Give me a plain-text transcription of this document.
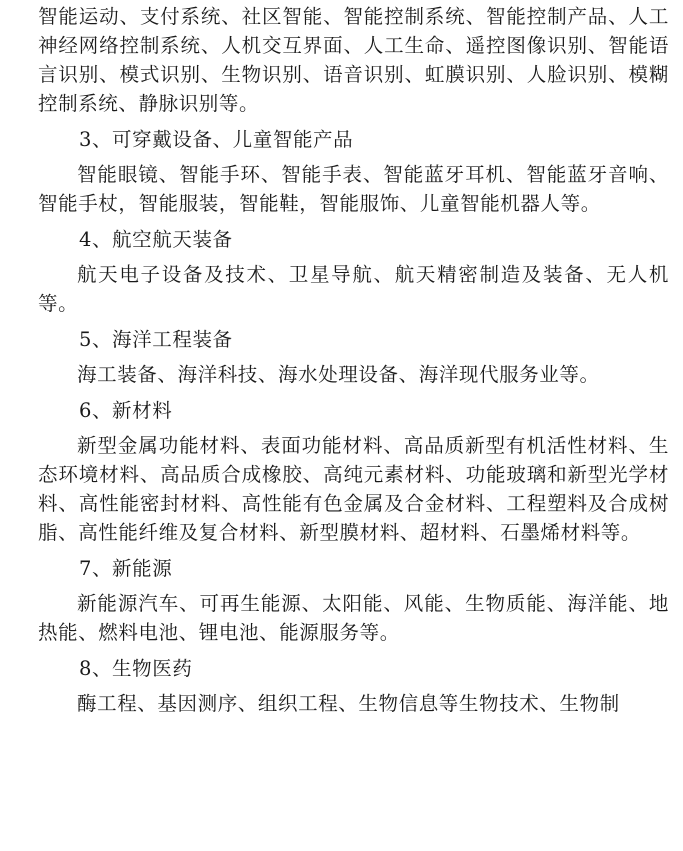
智能运动、支付系统、社区智能、智能控制系统、智能控制产品、人工神经网络控制系统、人机交互界面、人工生命、遥控图像识别、智能语言识别、模式识别、生物识别、语音识别、虹膜识别、人脸识别、模糊控制系统、静脉识别等。

3、可穿戴设备、儿童智能产品

智能眼镜、智能手环、智能手表、智能蓝牙耳机、智能蓝牙音响、智能手杖，智能服装，智能鞋，智能服饰、儿童智能机器人等。

4、航空航天装备

航天电子设备及技术、卫星导航、航天精密制造及装备、无人机等。

5、海洋工程装备

海工装备、海洋科技、海水处理设备、海洋现代服务业等。

6、新材料

新型金属功能材料、表面功能材料、高品质新型有机活性材料、生态环境材料、高品质合成橡胶、高纯元素材料、功能玻璃和新型光学材料、高性能密封材料、高性能有色金属及合金材料、工程塑料及合成树脂、高性能纤维及复合材料、新型膜材料、超材料、石墨烯材料等。

7、新能源

新能源汽车、可再生能源、太阳能、风能、生物质能、海洋能、地热能、燃料电池、锂电池、能源服务等。

8、生物医药

酶工程、基因测序、组织工程、生物信息等生物技术、生物制
